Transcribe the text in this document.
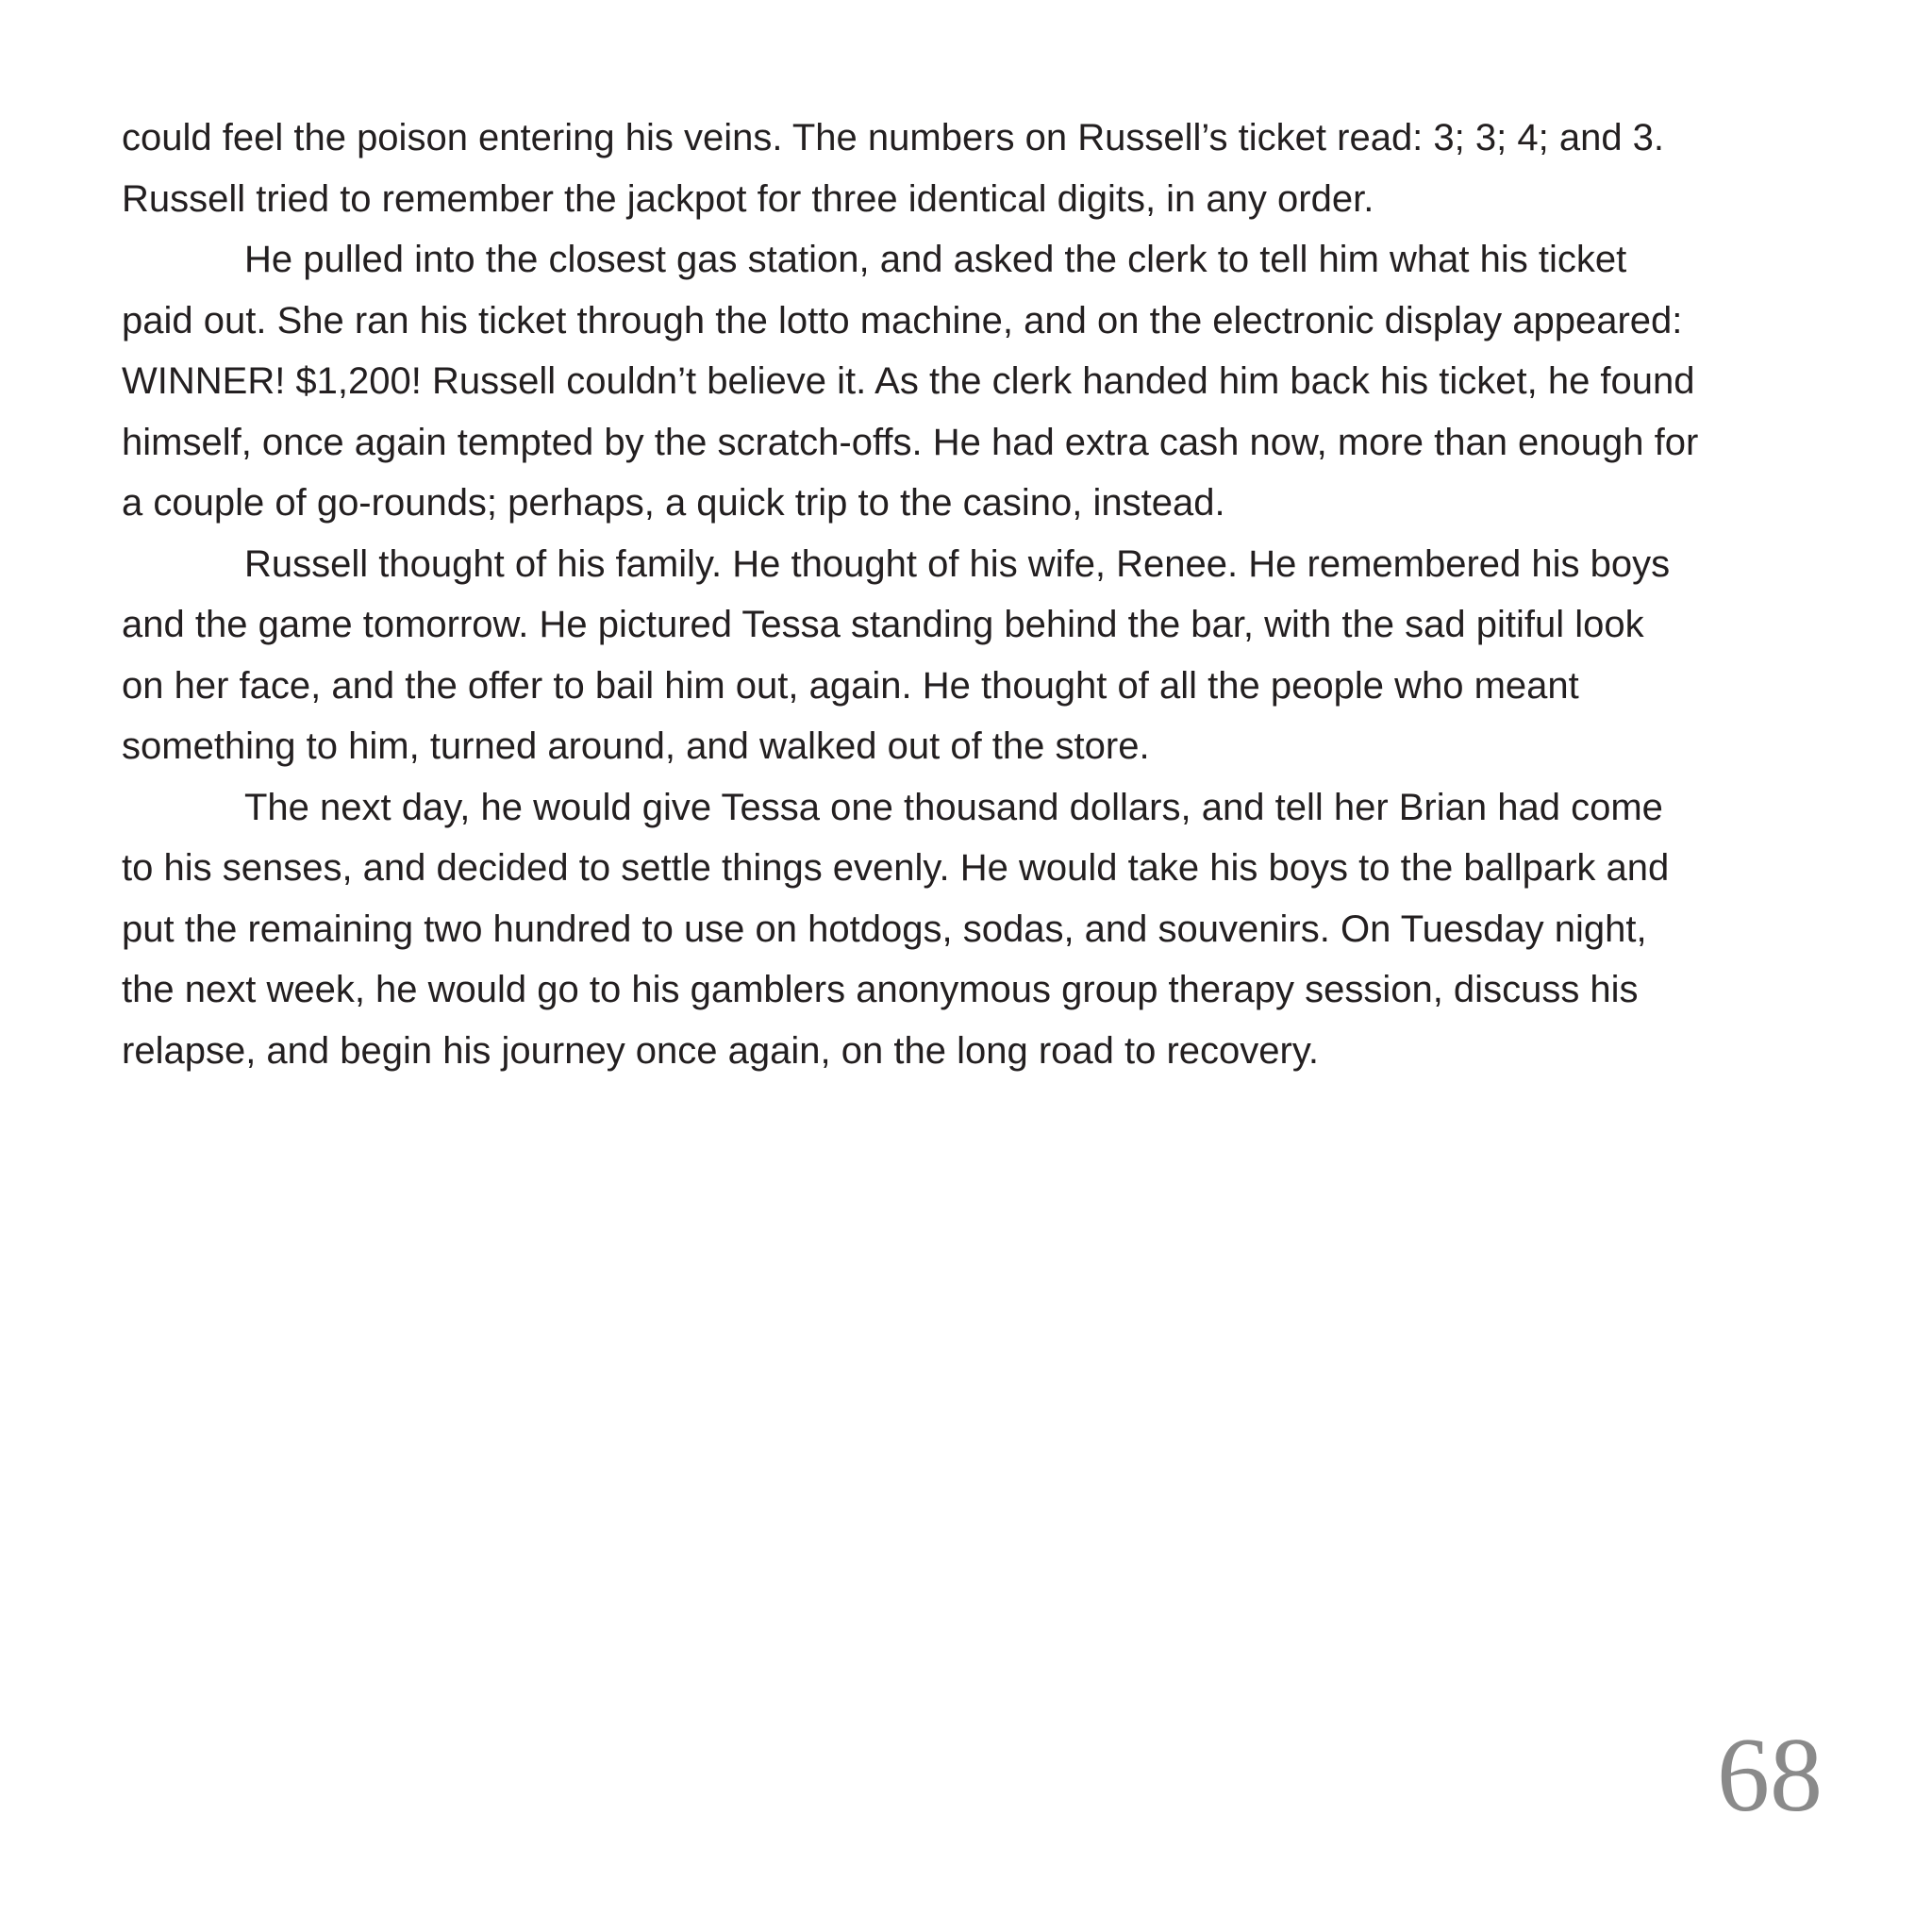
could feel the poison entering his veins. The numbers on Russell’s ticket read: 3; 3; 4; and 3.
Russell tried to remember the jackpot for three identical digits, in any order.
He pulled into the closest gas station, and asked the clerk to tell him what his ticket
paid out. She ran his ticket through the lotto machine, and on the electronic display appeared:
WINNER! $1,200! Russell couldn’t believe it. As the clerk handed him back his ticket, he found
himself, once again tempted by the scratch-offs. He had extra cash now, more than enough for
a couple of go-rounds; perhaps, a quick trip to the casino, instead.
Russell thought of his family. He thought of his wife, Renee. He remembered his boys
and the game tomorrow. He pictured Tessa standing behind the bar, with the sad pitiful look
on her face, and the offer to bail him out, again. He thought of all the people who meant
something to him, turned around, and walked out of the store.
The next day, he would give Tessa one thousand dollars, and tell her Brian had come
to his senses, and decided to settle things evenly. He would take his boys to the ballpark and
put the remaining two hundred to use on hotdogs, sodas, and souvenirs. On Tuesday night,
the next week, he would go to his gamblers anonymous group therapy session, discuss his
relapse, and begin his journey once again, on the long road to recovery.
68
